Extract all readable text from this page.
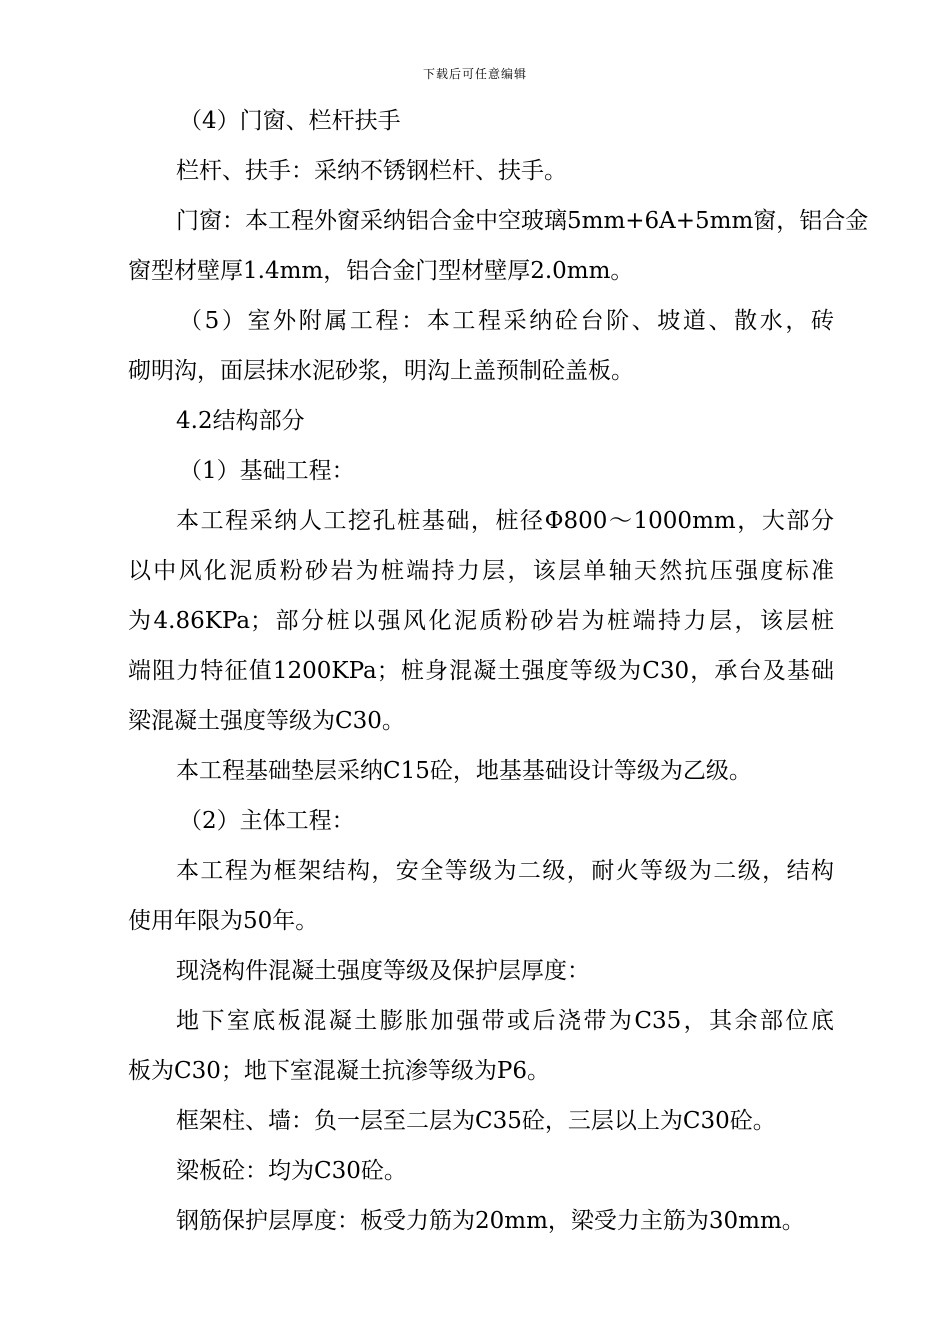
下载后可任意编辑

（4）门窗、栏杆扶手

栏杆、扶手：采纳不锈钢栏杆、扶手。

门窗：本工程外窗采纳铝合金中空玻璃5mm+6A+5mm窗，铝合金

窗型材壁厚1.4mm，铝合金门型材壁厚2.0mm。

（5）室外附属工程：本工程采纳砼台阶、坡道、散水，砖

砌明沟，面层抹水泥砂浆，明沟上盖预制砼盖板。

4.2结构部分

（1）基础工程：

本工程采纳人工挖孔桩基础，桩径Φ800～1000mm，大部分

以中风化泥质粉砂岩为桩端持力层，该层单轴天然抗压强度标准

为4.86KPa；部分桩以强风化泥质粉砂岩为桩端持力层，该层桩

端阻力特征值1200KPa；桩身混凝土强度等级为C30，承台及基础

梁混凝土强度等级为C30。

本工程基础垫层采纳C15砼，地基基础设计等级为乙级。

（2）主体工程：

本工程为框架结构，安全等级为二级，耐火等级为二级，结构

使用年限为50年。

现浇构件混凝土强度等级及保护层厚度：

地下室底板混凝土膨胀加强带或后浇带为C35，其余部位底

板为C30；地下室混凝土抗渗等级为P6。

框架柱、墙：负一层至二层为C35砼，三层以上为C30砼。

梁板砼：均为C30砼。

钢筋保护层厚度：板受力筋为20mm，梁受力主筋为30mm。
